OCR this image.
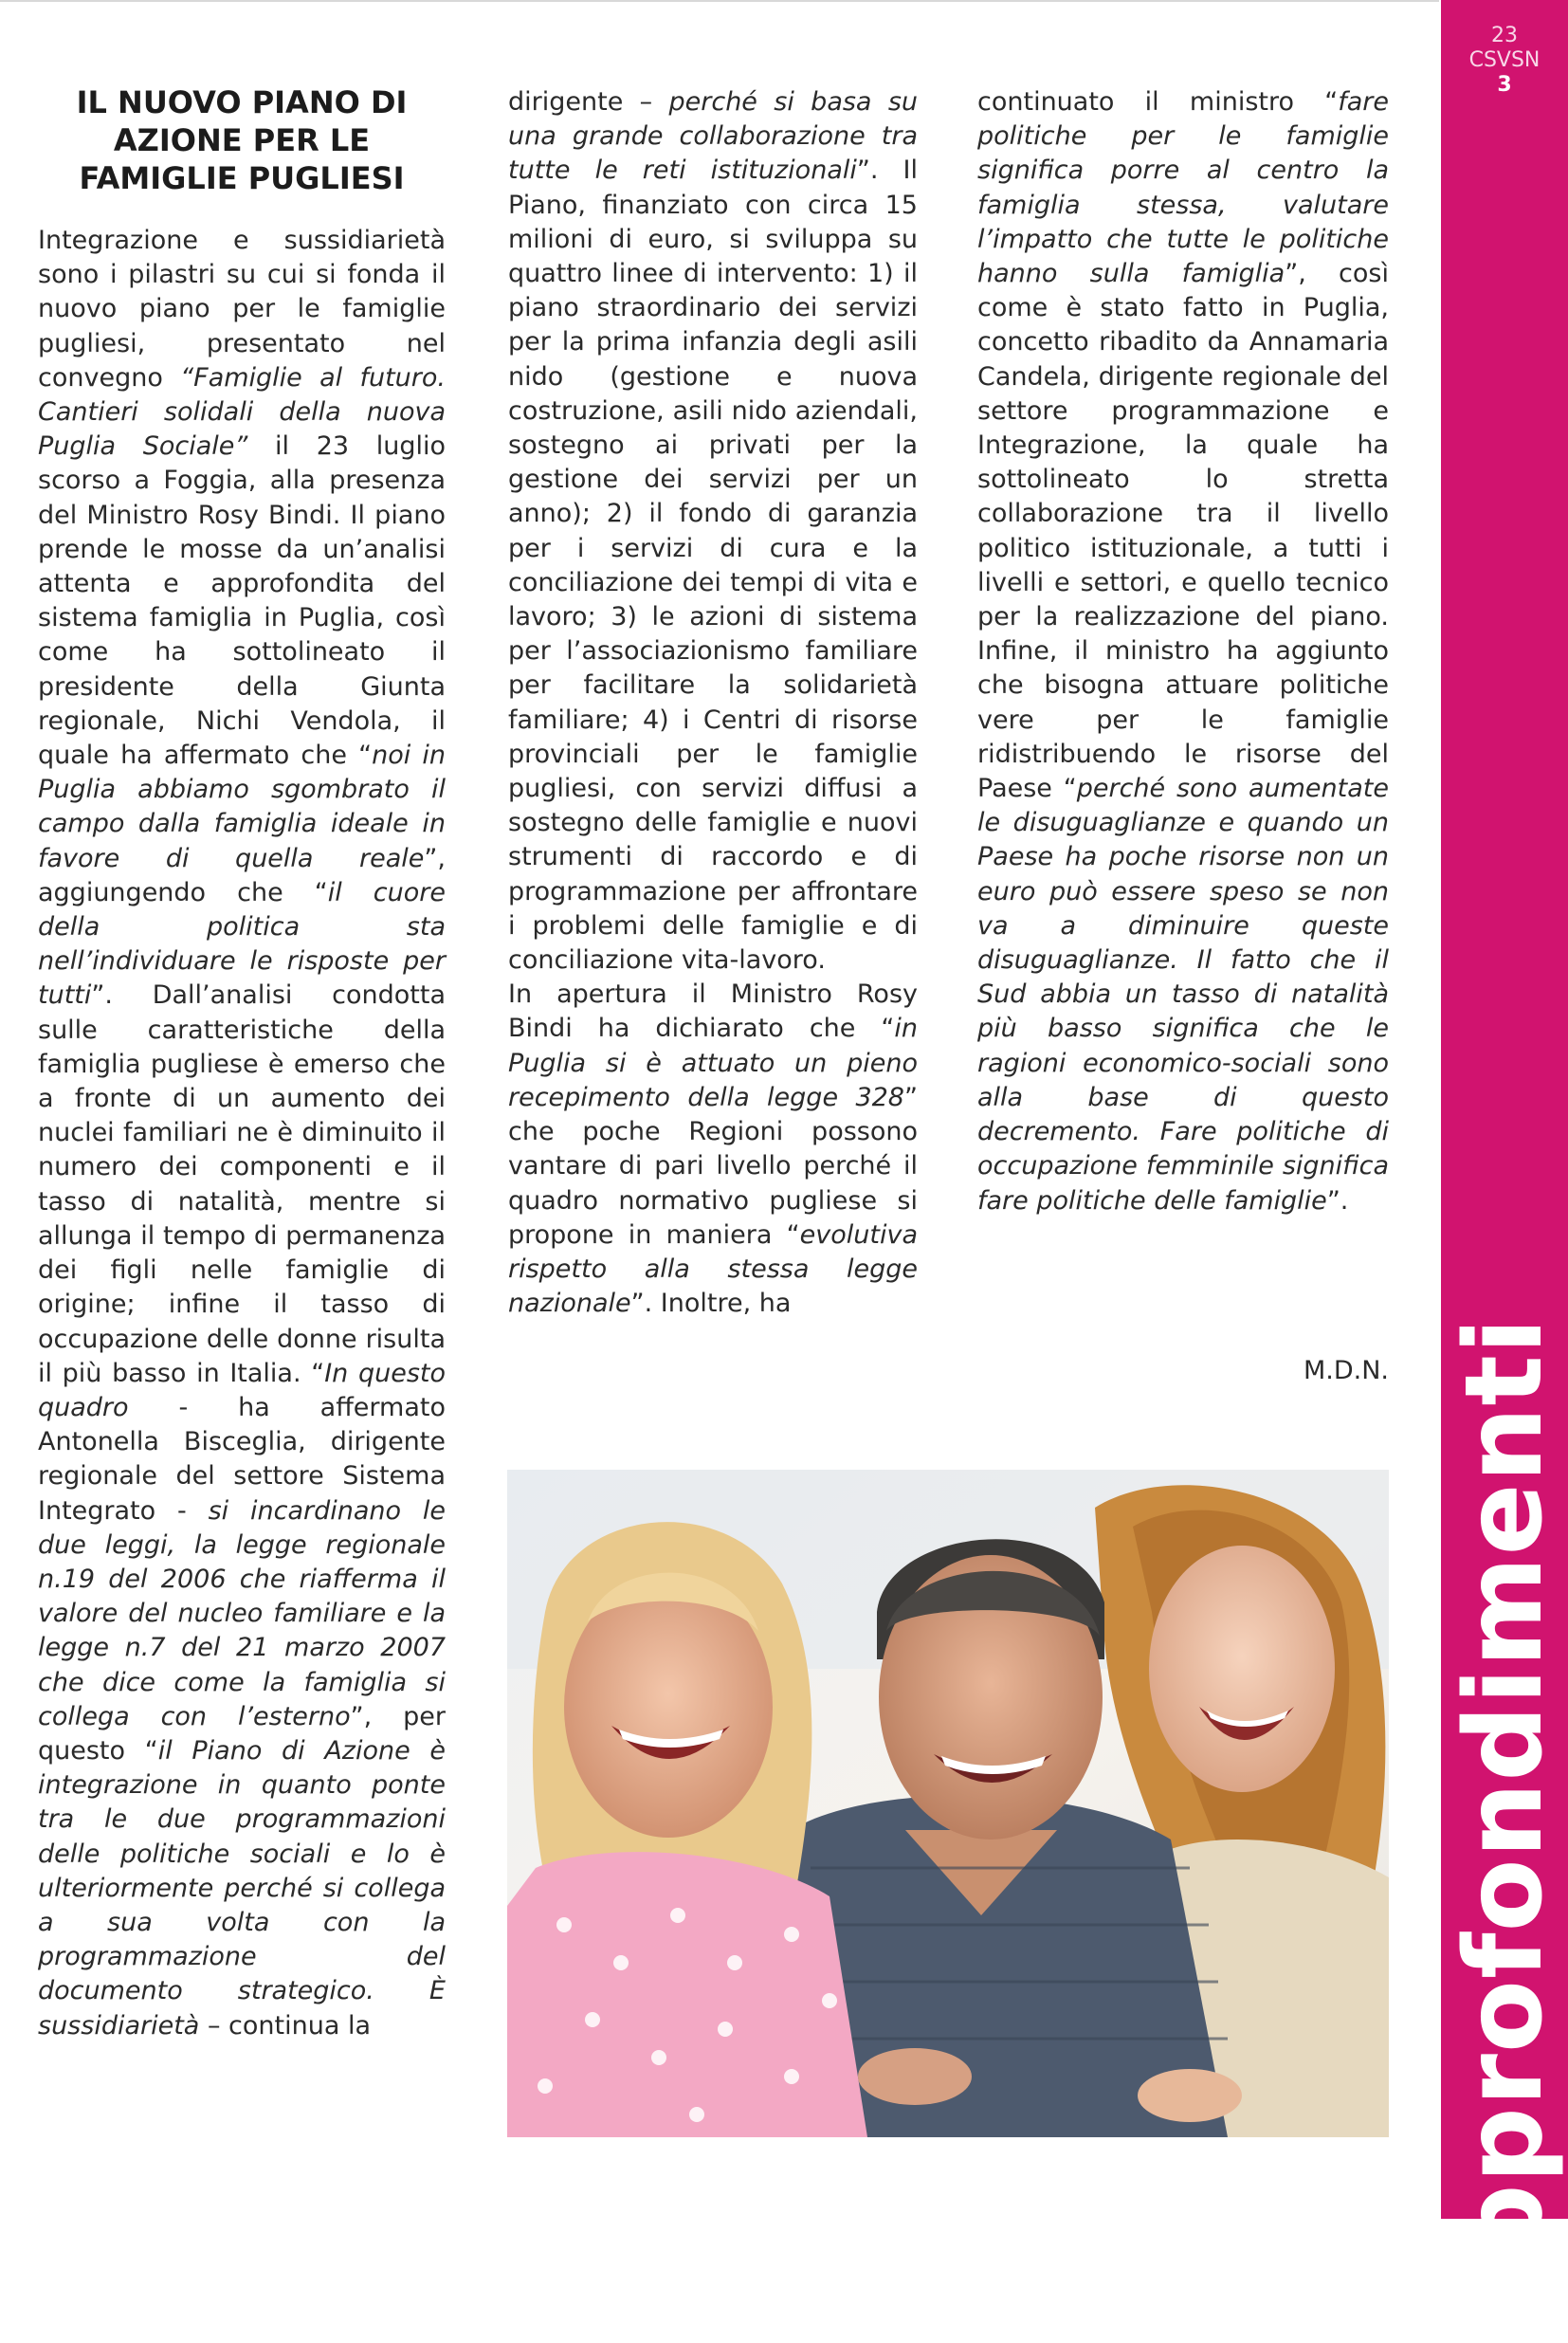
23
CSVSN
3
Approfondimenti
IL NUOVO PIANO DI AZIONE PER LE FAMIGLIE PUGLIESI

Integrazione e sussidiarietà sono i pilastri su cui si fonda il nuovo piano per le famiglie pugliesi, presentato nel convegno “Famiglie al futuro. Cantieri solidali della nuova Puglia Sociale” il 23 luglio scorso a Foggia, alla presenza del Ministro Rosy Bindi. Il piano prende le mosse da un’analisi attenta e approfondita del sistema famiglia in Puglia, così come ha sottolineato il presidente della Giunta regionale, Nichi Vendola, il quale ha affermato che “noi in Puglia abbiamo sgombrato il campo dalla famiglia ideale in favore di quella reale”, aggiungendo che “il cuore della politica sta nell’individuare le risposte per tutti”. Dall’analisi condotta sulle caratteristiche della famiglia pugliese è emerso che a fronte di un aumento dei nuclei familiari ne è diminuito il numero dei componenti e il tasso di natalità, mentre si allunga il tempo di permanenza dei figli nelle famiglie di origine; infine il tasso di occupazione delle donne risulta il più basso in Italia. “In questo quadro - ha affermato Antonella Bisceglia, dirigente regionale del settore Sistema Integrato - si incardinano le due leggi, la legge regionale n.19 del 2006 che riafferma il valore del nucleo familiare e la legge n.7 del 21 marzo 2007 che dice come la famiglia si collega con l’esterno”, per questo “il Piano di Azione è integrazione in quanto ponte tra le due programmazioni delle politiche sociali e lo è ulteriormente perché si collega a sua volta con la programmazione del documento strategico. È sussidiarietà – continua la

dirigente – perché si basa su una grande collaborazione tra tutte le reti istituzionali”. Il Piano, finanziato con circa 15 milioni di euro, si sviluppa su quattro linee di intervento: 1) il piano straordinario dei servizi per la prima infanzia degli asili nido (gestione e nuova costruzione, asili nido aziendali, sostegno ai privati per la gestione dei servizi per un anno); 2) il fondo di garanzia per i servizi di cura e la conciliazione dei tempi di vita e lavoro; 3) le azioni di sistema per l’associazionismo familiare per facilitare la solidarietà familiare; 4) i Centri di risorse provinciali per le famiglie pugliesi, con servizi diffusi a sostegno delle famiglie e nuovi strumenti di raccordo e di programmazione per affrontare i problemi delle famiglie e di conciliazione vita-lavoro.
In apertura il Ministro Rosy Bindi ha dichiarato che “in Puglia si è attuato un pieno recepimento della legge 328” che poche Regioni possono vantare di pari livello perché il quadro normativo pugliese si propone in maniera “evolutiva rispetto alla stessa legge nazionale”. Inoltre, ha

continuato il ministro “fare politiche per le famiglie significa porre al centro la famiglia stessa, valutare l’impatto che tutte le politiche hanno sulla famiglia”, così come è stato fatto in Puglia, concetto ribadito da Annamaria Candela, dirigente regionale del settore programmazione e Integrazione, la quale ha sottolineato lo stretta collaborazione tra il livello politico istituzionale, a tutti i livelli e settori, e quello tecnico per la realizzazione del piano. Infine, il ministro ha aggiunto che bisogna attuare politiche vere per le famiglie ridistribuendo le risorse del Paese “perché sono aumentate le disuguaglianze e quando un Paese ha poche risorse non un euro può essere speso se non va a diminuire queste disuguaglianze. Il fatto che il Sud abbia un tasso di natalità più basso significa che le ragioni economico-sociali sono alla base di questo decremento. Fare politiche di occupazione femminile significa fare politiche delle famiglie”.

M.D.N.
